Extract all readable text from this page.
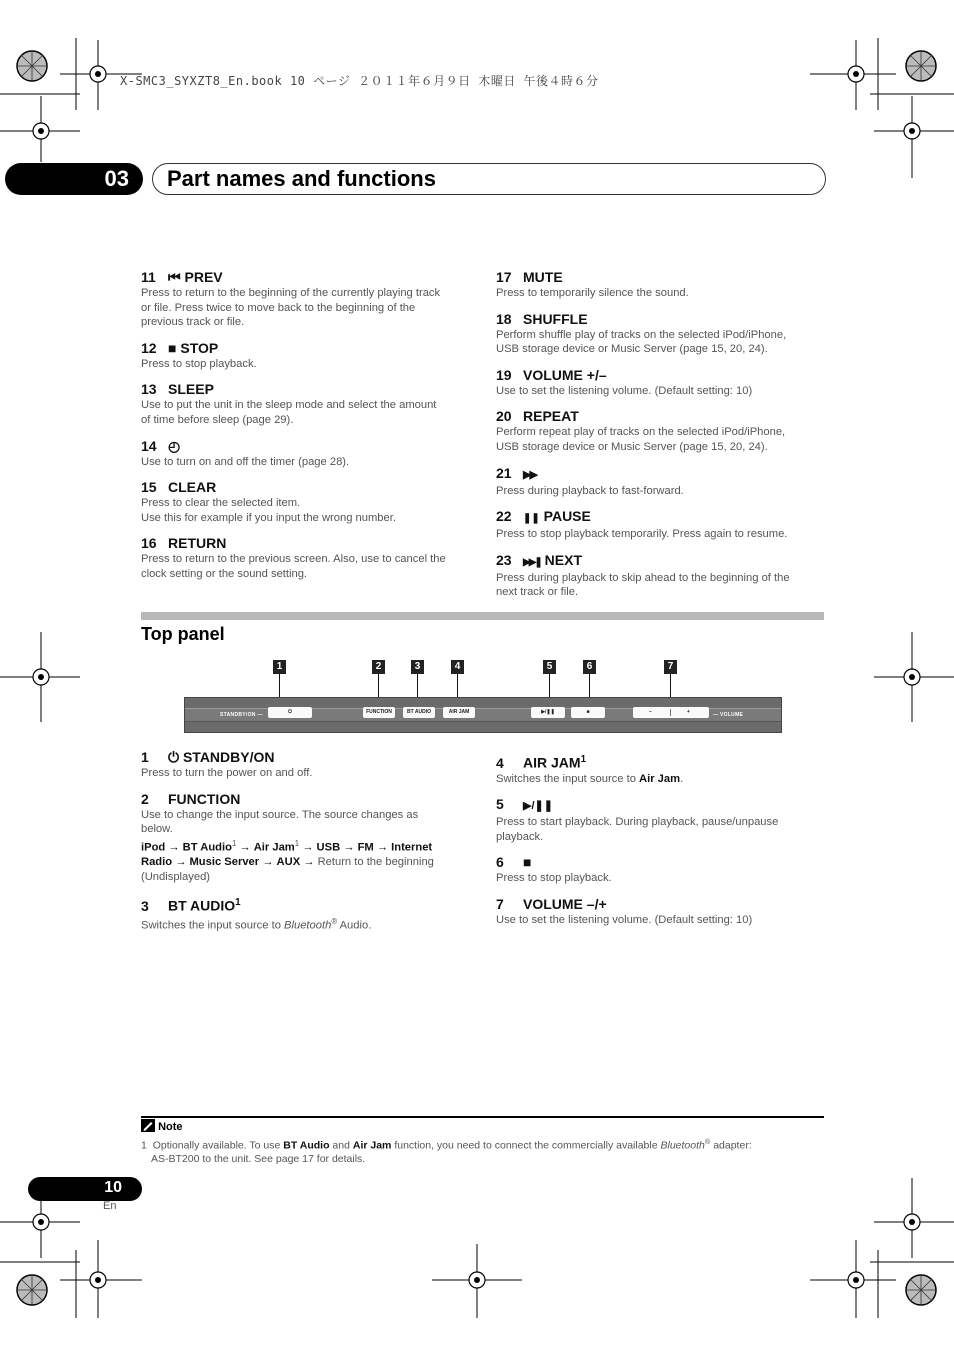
X-SMC3_SYXZT8_En.book 10 ページ ２０１１年６月９日 木曜日 午後４時６分
03 Part names and functions
11 ⏮ PREV
Press to return to the beginning of the currently playing track
or file. Press twice to move back to the beginning of the
previous track or file.
12 ■ STOP
Press to stop playback.
13 SLEEP
Use to put the unit in the sleep mode and select the amount
of time before sleep (page 29).
14 ◴
Use to turn on and off the timer (page 28).
15 CLEAR
Press to clear the selected item.
Use this for example if you input the wrong number.
16 RETURN
Press to return to the previous screen. Also, use to cancel the
clock setting or the sound setting.
17 MUTE
Press to temporarily silence the sound.
18 SHUFFLE
Perform shuffle play of tracks on the selected iPod/iPhone,
USB storage device or Music Server (page 15, 20, 24).
19 VOLUME +/–
Use to set the listening volume. (Default setting: 10)
20 REPEAT
Perform repeat play of tracks on the selected iPod/iPhone,
USB storage device or Music Server (page 15, 20, 24).
21 ▶▶
Press during playback to fast-forward.
22 ❚❚ PAUSE
Press to stop playback temporarily. Press again to resume.
23 ▶▶❚ NEXT
Press during playback to skip ahead to the beginning of the
next track or file.
Top panel
1	2	3	4	5	6	7
STANDBY/ON —	⏻	FUNCTION	BT AUDIO	AIR JAM	▶/❚❚	■	–	+	— VOLUME
1 ⏻ STANDBY/ON
Press to turn the power on and off.
2 FUNCTION
Use to change the input source. The source changes as
below.
iPod → BT Audio$^1$ → Air Jam$^1$ → USB → FM → Internet
Radio → Music Server → AUX → Return to the beginning
(Undisplayed)
3 BT AUDIO$^1$
Switches the input source to Bluetooth® Audio.
4 AIR JAM$^1$
Switches the input source to Air Jam.
5 ▶/❚❚
Press to start playback. During playback, pause/unpause
playback.
6 ■
Press to stop playback.
7 VOLUME –/+
Use to set the listening volume. (Default setting: 10)
Note
1 Optionally available. To use BT Audio and Air Jam function, you need to connect the commercially available Bluetooth® adapter:
AS-BT200 to the unit. See page 17 for details.
10
En
